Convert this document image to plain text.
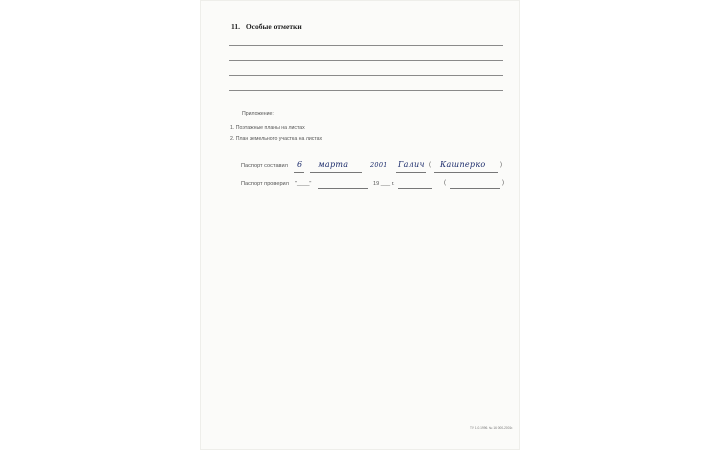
11. Особые отметки
Приложение:
1. Поэтажные планы на листах
2. План земельного участка на листах
Паспорт составил 6 марта	2001 Галич ( Кашперко )
Паспорт проверил "____"	19 ___ г.	(	)
ТУ 1.0.1996. № 16 000-2001г.
